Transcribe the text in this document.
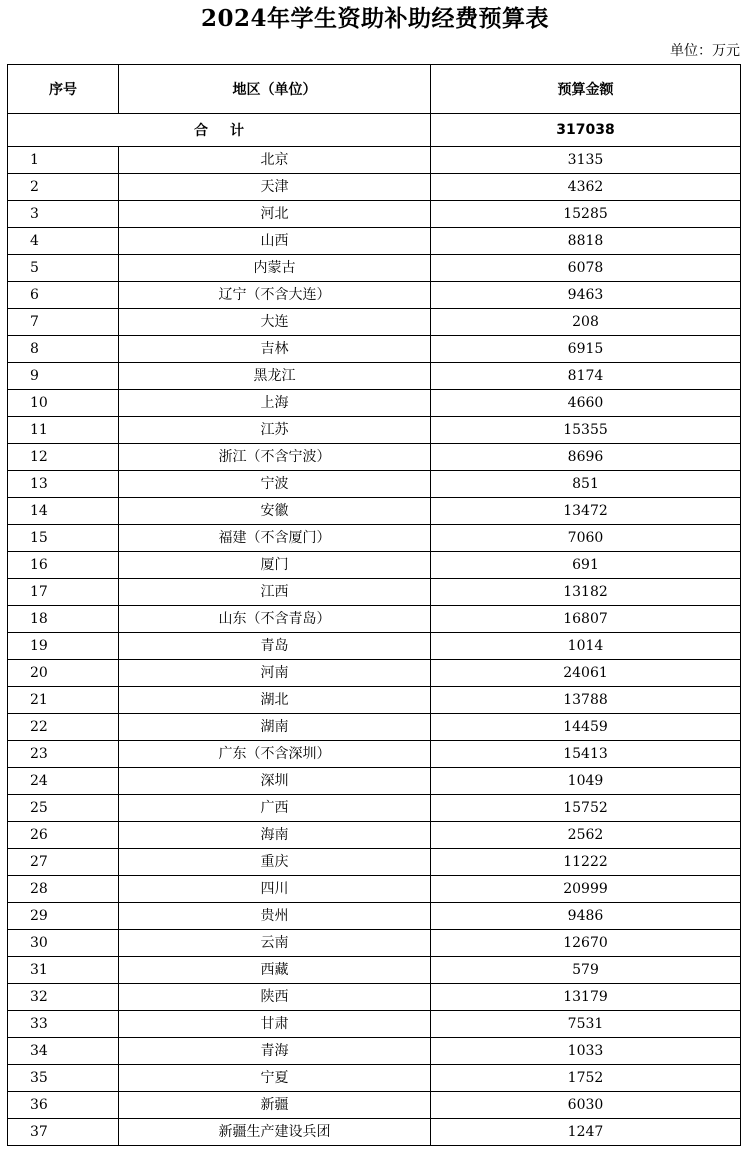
2024年学生资助补助经费预算表
单位：万元
序号	地区（单位）	预算金额
合计		317038
1	北京	3135
2	天津	4362
3	河北	15285
4	山西	8818
5	内蒙古	6078
6	辽宁（不含大连）	9463
7	大连	208
8	吉林	6915
9	黑龙江	8174
10	上海	4660
11	江苏	15355
12	浙江（不含宁波）	8696
13	宁波	851
14	安徽	13472
15	福建（不含厦门）	7060
16	厦门	691
17	江西	13182
18	山东（不含青岛）	16807
19	青岛	1014
20	河南	24061
21	湖北	13788
22	湖南	14459
23	广东（不含深圳）	15413
24	深圳	1049
25	广西	15752
26	海南	2562
27	重庆	11222
28	四川	20999
29	贵州	9486
30	云南	12670
31	西藏	579
32	陕西	13179
33	甘肃	7531
34	青海	1033
35	宁夏	1752
36	新疆	6030
37	新疆生产建设兵团	1247
